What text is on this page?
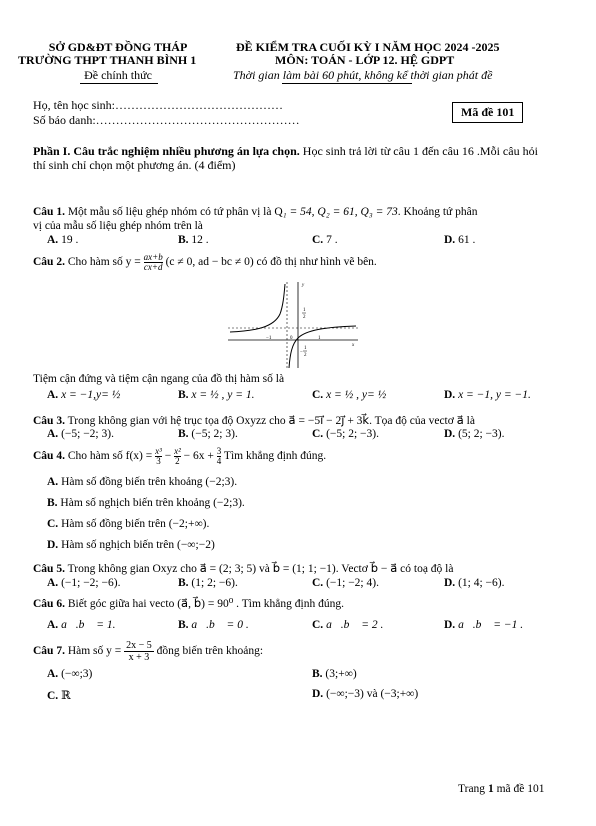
SỞ GD&ĐT ĐỒNG THÁP
TRƯỜNG THPT THANH BÌNH 1
Đề chính thức
ĐỀ KIỂM TRA CUỐI KỲ I NĂM HỌC 2024 -2025
MÔN: TOÁN - LỚP 12. HỆ GDPT
Thời gian làm bài 60 phút, không kể thời gian phát đề
Họ, tên học sinh:……………………………………
Số báo danh:……………………………………………
Mã đề 101
Phần I. Câu trắc nghiệm nhiều phương án lựa chọn. Học sinh trả lời từ câu 1 đến câu 16 .Mỗi câu hỏi thí sinh chỉ chọn một phương án. (4 điểm)
Câu 1. Một mẫu số liệu ghép nhóm có tứ phân vị là Q₁ = 54, Q₂ = 61, Q₃ = 73. Khoảng tứ phân
vị của mẫu số liệu ghép nhóm trên là
A. 19 .	B. 12 .	C. 7 .	D. 61 .
Câu 2. Cho hàm số $y = \frac{ax+b}{cx+d} (c \ne 0$, ad − bc ≠ 0) có đồ thị như hình vẽ bên.
y
x
1
2
−1	0	1
1
−
2
Tiệm cận đứng và tiệm cận ngang của đồ thị hàm số là
A. x = −1,y= ½	B. x = ½ , y = 1.	C. x = ½ , y= ½	D. x = −1, y = −1.
Câu 3. Trong không gian với hệ trục tọa độ Oxyzz cho a⃗ = −5i⃗ − 2j⃗ + 3k⃗. Tọa độ của vectơ a⃗ là
A. (−5; −2; 3).	B. (−5; 2; 3).	C. (−5; 2; −3).	D. (5; 2; −3).
Câu 4. Cho hàm số $f(x) = \frac{\text{x³}}{3} - \frac{\text{x²}}{2} - 6x + \frac{3}{4}$ Tìm khẳng định đúng.
A. Hàm số đồng biến trên khoảng (−2;3).
B. Hàm số nghịch biến trên khoảng (−2;3).
C. Hàm số đồng biến trên (−2;+∞).
D. Hàm số nghịch biến trên (−∞;−2)
Câu 5. Trong không gian Oxyz cho a⃗ = (2; 3; 5) và b⃗ = (1; 1; −1). Vectơ b⃗ − a⃗ có toạ độ là
A. (−1; −2; −6).	B. (1; 2; −6).	C. (−1; −2; 4).	D. (1; 4; −6).
Câu 6. Biết góc giữa hai vecto (a⃗, b⃗) = 90⁰ . Tìm khẳng định đúng.
A. a⃗.b⃗ = 1.	B. a⃗.b⃗ = 0 .	C. a⃗.b⃗ = 2 .	D. a⃗.b⃗ = −1 .
Câu 7. Hàm số $y = \frac{2x - 5}{x + 3}$ đồng biến trên khoảng:
A. (−∞;3)	B. (3;+∞)
C. ℝ	D. (−∞;−3) và (−3;+∞)
Trang 1 mã đề 101
